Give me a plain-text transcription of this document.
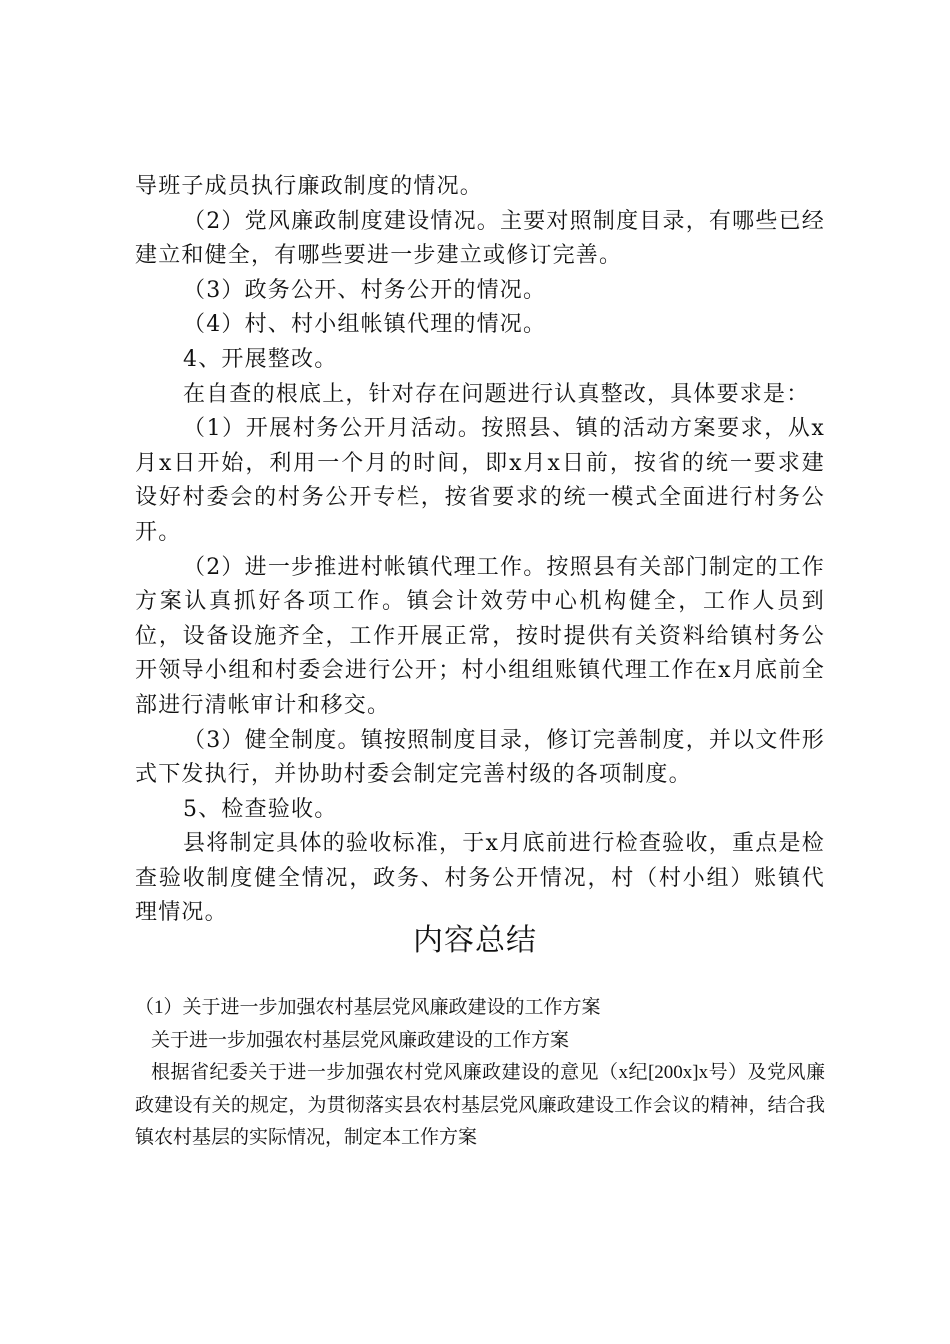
导班子成员执行廉政制度的情况。

（2）党风廉政制度建设情况。主要对照制度目录，有哪些已经建立和健全，有哪些要进一步建立或修订完善。

（3）政务公开、村务公开的情况。

（4）村、村小组帐镇代理的情况。

4、开展整改。

在自查的根底上，针对存在问题进行认真整改，具体要求是：

（1）开展村务公开月活动。按照县、镇的活动方案要求，从x月x日开始，利用一个月的时间，即x月x日前，按省的统一要求建设好村委会的村务公开专栏，按省要求的统一模式全面进行村务公开。

（2）进一步推进村帐镇代理工作。按照县有关部门制定的工作方案认真抓好各项工作。镇会计效劳中心机构健全，工作人员到位，设备设施齐全，工作开展正常，按时提供有关资料给镇村务公开领导小组和村委会进行公开；村小组组账镇代理工作在x月底前全部进行清帐审计和移交。

（3）健全制度。镇按照制度目录，修订完善制度，并以文件形式下发执行，并协助村委会制定完善村级的各项制度。

5、检查验收。

县将制定具体的验收标准，于x月底前进行检查验收，重点是检查验收制度健全情况，政务、村务公开情况，村（村小组）账镇代理情况。

内容总结

（1）关于进一步加强农村基层党风廉政建设的工作方案

关于进一步加强农村基层党风廉政建设的工作方案

根据省纪委关于进一步加强农村党风廉政建设的意见（x纪[200x]x号）及党风廉政建设有关的规定，为贯彻落实县农村基层党风廉政建设工作会议的精神，结合我镇农村基层的实际情况，制定本工作方案
